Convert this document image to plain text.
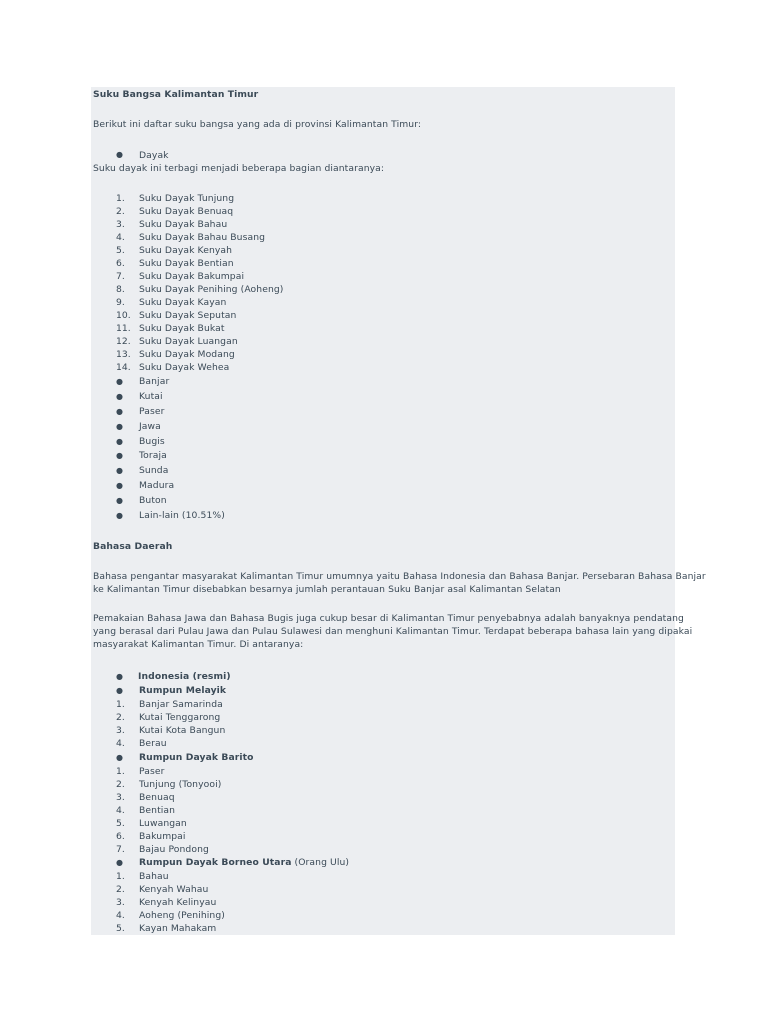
Suku Bangsa Kalimantan Timur
Berikut ini daftar suku bangsa yang ada di provinsi Kalimantan Timur:
● Dayak
Suku dayak ini terbagi menjadi beberapa bagian diantaranya:
1. Suku Dayak Tunjung
2. Suku Dayak Benuaq
3. Suku Dayak Bahau
4. Suku Dayak Bahau Busang
5. Suku Dayak Kenyah
6. Suku Dayak Bentian
7. Suku Dayak Bakumpai
8. Suku Dayak Penihing (Aoheng)
9. Suku Dayak Kayan
10. Suku Dayak Seputan
11. Suku Dayak Bukat
12. Suku Dayak Luangan
13. Suku Dayak Modang
14. Suku Dayak Wehea
● Banjar
● Kutai
● Paser
● Jawa
● Bugis
● Toraja
● Sunda
● Madura
● Buton
● Lain-lain (10.51%)
Bahasa Daerah
Bahasa pengantar masyarakat Kalimantan Timur umumnya yaitu Bahasa Indonesia dan Bahasa Banjar. Persebaran Bahasa Banjar
ke Kalimantan Timur disebabkan besarnya jumlah perantauan Suku Banjar asal Kalimantan Selatan
Pemakaian Bahasa Jawa dan Bahasa Bugis juga cukup besar di Kalimantan Timur penyebabnya adalah banyaknya pendatang
yang berasal dari Pulau Jawa dan Pulau Sulawesi dan menghuni Kalimantan Timur. Terdapat beberapa bahasa lain yang dipakai
masyarakat Kalimantan Timur. Di antaranya:
● Indonesia (resmi)
● Rumpun Melayik
1. Banjar Samarinda
2. Kutai Tenggarong
3. Kutai Kota Bangun
4. Berau
● Rumpun Dayak Barito
1. Paser
2. Tunjung (Tonyooi)
3. Benuaq
4. Bentian
5. Luwangan
6. Bakumpai
7. Bajau Pondong
● Rumpun Dayak Borneo Utara (Orang Ulu)
1. Bahau
2. Kenyah Wahau
3. Kenyah Kelinyau
4. Aoheng (Penihing)
5. Kayan Mahakam
